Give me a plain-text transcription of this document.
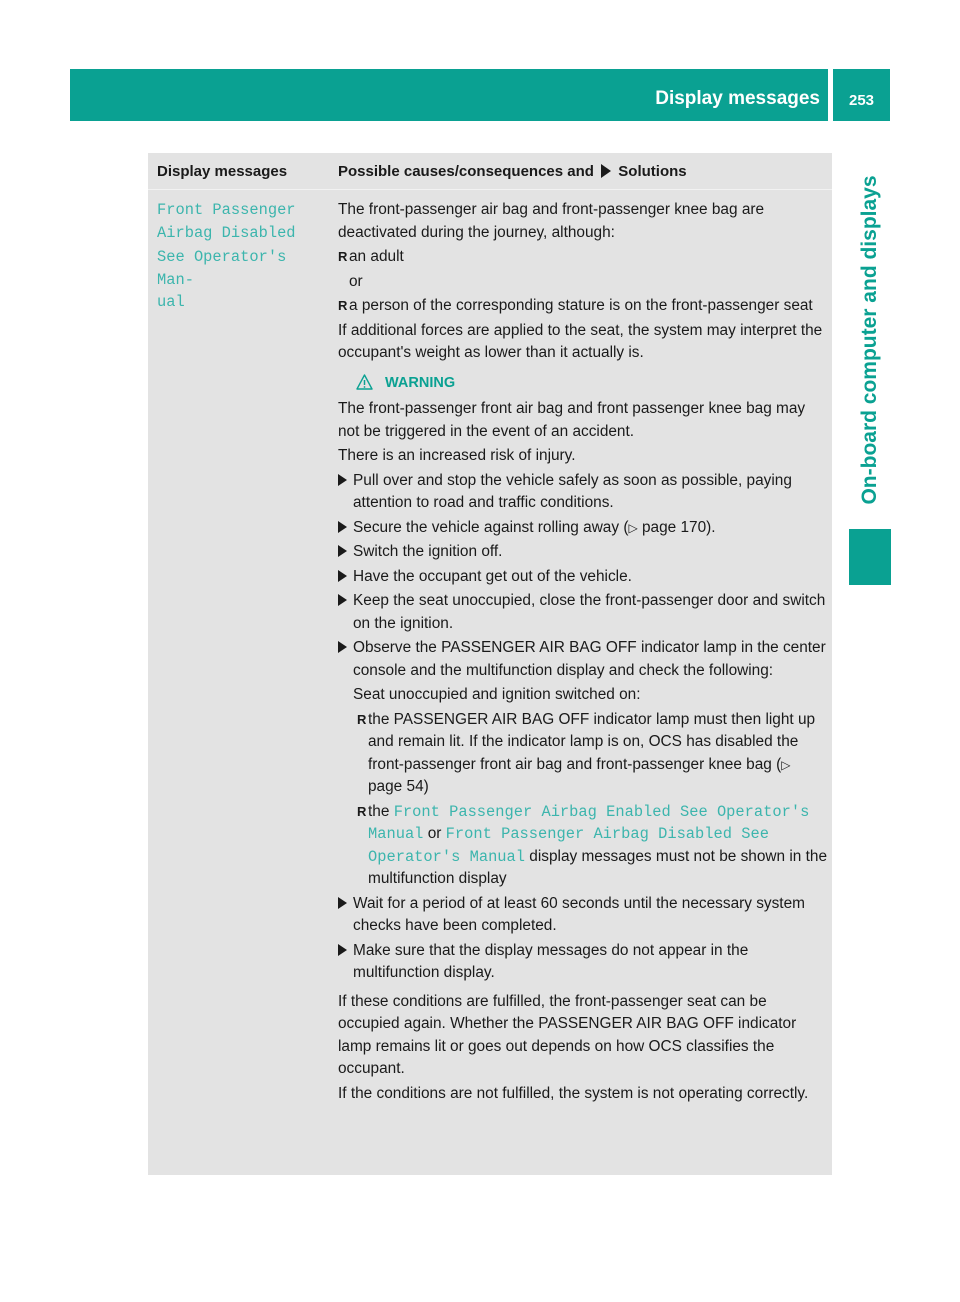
Display messages	253
On-board computer and displays
Display messages	Possible causes/consequences and Solutions
Front Passenger
Airbag Disabled
See Operator's Man‑
ual

The front-passenger air bag and front-passenger knee bag are deactivated during the journey, although:

R an adult

or

R a person of the corresponding stature is on the front-passenger seat

If additional forces are applied to the seat, the system may interpret the occupant's weight as lower than it actually is.

WARNING

The front-passenger front air bag and front passenger knee bag may not be triggered in the event of an accident.

There is an increased risk of injury.

Pull over and stop the vehicle safely as soon as possible, paying attention to road and traffic conditions.
Secure the vehicle against rolling away (▷ page 170).
Switch the ignition off.
Have the occupant get out of the vehicle.
Keep the seat unoccupied, close the front-passenger door and switch on the ignition.
Observe the PASSENGER AIR BAG OFF indicator lamp in the center console and the multifunction display and check the following:

Seat unoccupied and ignition switched on:

R the PASSENGER AIR BAG OFF indicator lamp must then light up and remain lit. If the indicator lamp is on, OCS has disabled the front-passenger front air bag and front-passenger knee bag (▷ page 54)
R the Front Passenger Airbag Enabled See Operator's Manual or Front Passenger Airbag Disabled See Operator's Manual display messages must not be shown in the multifunction display
Wait for a period of at least 60 seconds until the necessary system checks have been completed.
Make sure that the display messages do not appear in the multifunction display.

If these conditions are fulfilled, the front-passenger seat can be occupied again. Whether the PASSENGER AIR BAG OFF indicator lamp remains lit or goes out depends on how OCS classifies the occupant.

If the conditions are not fulfilled, the system is not operating correctly.
